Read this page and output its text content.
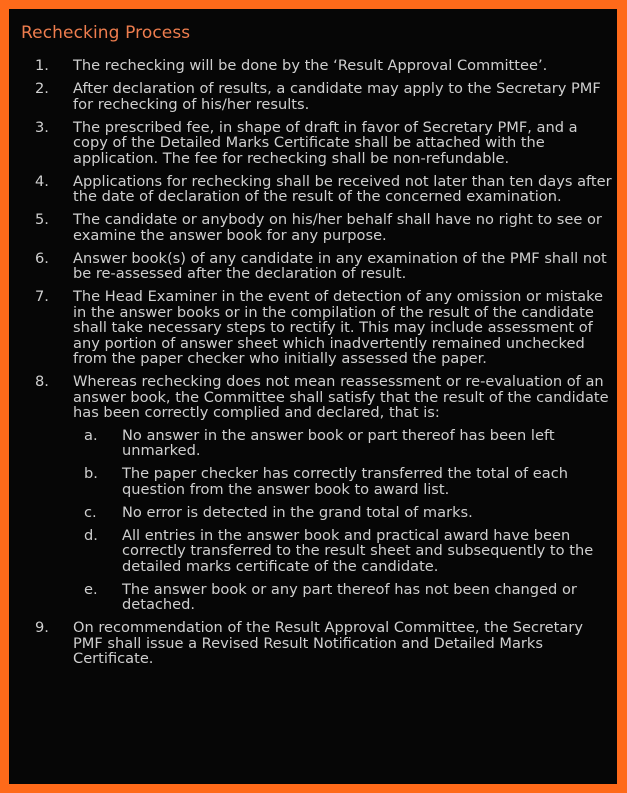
Rechecking Process
1. The rechecking will be done by the ‘Result Approval Committee’.
2. After declaration of results, a candidate may apply to the Secretary PMF for rechecking of his/her results.
3. The prescribed fee, in shape of draft in favor of Secretary PMF, and a copy of the Detailed Marks Certificate shall be attached with the application. The fee for rechecking shall be non-refundable.
4. Applications for rechecking shall be received not later than ten days after the date of declaration of the result of the concerned examination.
5. The candidate or anybody on his/her behalf shall have no right to see or examine the answer book for any purpose.
6. Answer book(s) of any candidate in any examination of the PMF shall not be re-assessed after the declaration of result.
7. The Head Examiner in the event of detection of any omission or mistake in the answer books or in the compilation of the result of the candidate shall take necessary steps to rectify it. This may include assessment of any portion of answer sheet which inadvertently remained unchecked from the paper checker who initially assessed the paper.
8. Whereas rechecking does not mean reassessment or re-evaluation of an answer book, the Committee shall satisfy that the result of the candidate has been correctly complied and declared, that is:
a. No answer in the answer book or part thereof has been left unmarked.
b. The paper checker has correctly transferred the total of each question from the answer book to award list.
c. No error is detected in the grand total of marks.
d. All entries in the answer book and practical award have been correctly transferred to the result sheet and subsequently to the detailed marks certificate of the candidate.
e. The answer book or any part thereof has not been changed or detached.
9. On recommendation of the Result Approval Committee, the Secretary PMF shall issue a Revised Result Notification and Detailed Marks Certificate.
